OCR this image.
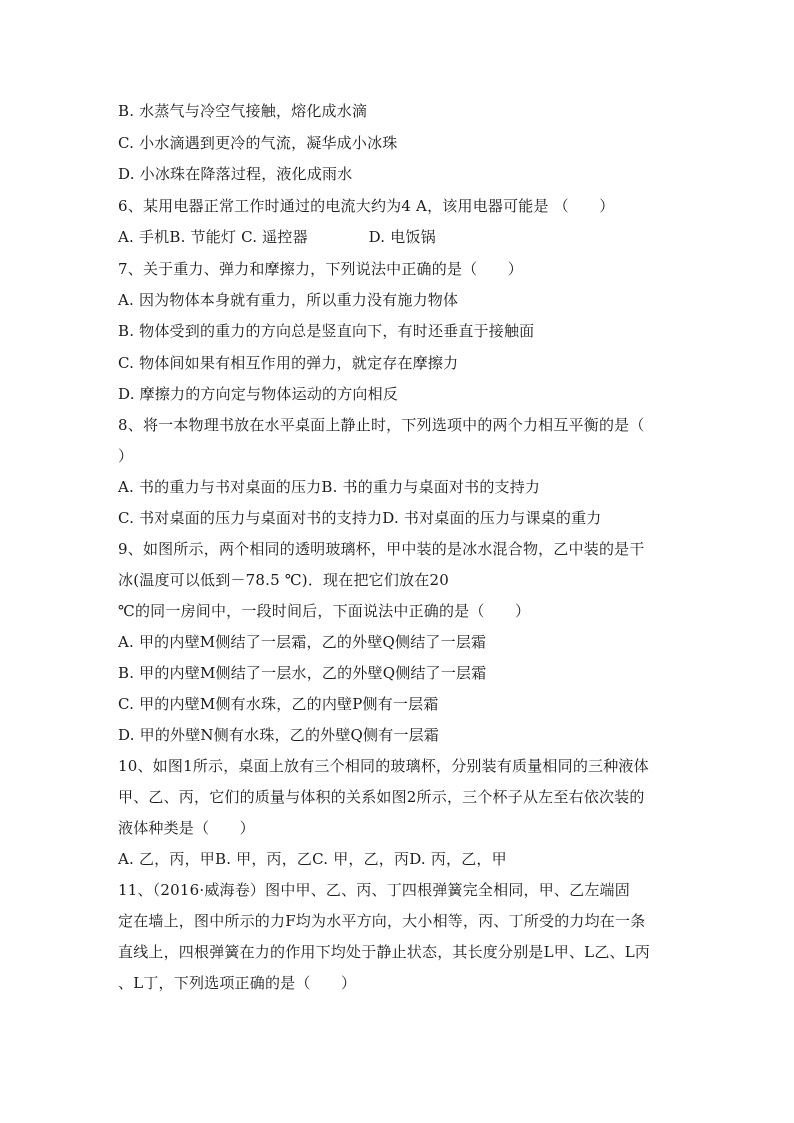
B. 水蒸气与冷空气接触，熔化成水滴
C. 小水滴遇到更冷的气流，凝华成小冰珠
D. 小冰珠在降落过程，液化成雨水
6、某用电器正常工作时通过的电流大约为4 A，该用电器可能是 （　　）
A. 手机B. 节能灯 C. 遥控器　　　　D. 电饭锅
7、关于重力、弹力和摩擦力，下列说法中正确的是（　　）
A. 因为物体本身就有重力，所以重力没有施力物体
B. 物体受到的重力的方向总是竖直向下，有时还垂直于接触面
C. 物体间如果有相互作用的弹力，就定存在摩擦力
D. 摩擦力的方向定与物体运动的方向相反
8、将一本物理书放在水平桌面上静止时，下列选项中的两个力相互平衡的是（
）
A. 书的重力与书对桌面的压力B. 书的重力与桌面对书的支持力
C. 书对桌面的压力与桌面对书的支持力D. 书对桌面的压力与课桌的重力
9、如图所示，两个相同的透明玻璃杯，甲中装的是冰水混合物，乙中装的是干
冰(温度可以低到－78.5 ℃)．现在把它们放在20
℃的同一房间中，一段时间后，下面说法中正确的是（　　）
A. 甲的内壁M侧结了一层霜，乙的外壁Q侧结了一层霜
B. 甲的内壁M侧结了一层水，乙的外壁Q侧结了一层霜
C. 甲的内壁M侧有水珠，乙的内壁P侧有一层霜
D. 甲的外壁N侧有水珠，乙的外壁Q侧有一层霜
10、如图1所示，桌面上放有三个相同的玻璃杯，分别装有质量相同的三种液体
甲、乙、丙，它们的质量与体积的关系如图2所示，三个杯子从左至右依次装的
液体种类是（　　）
A. 乙，丙，甲B. 甲，丙，乙C. 甲，乙，丙D. 丙，乙，甲
11、（2016·威海卷）图中甲、乙、丙、丁四根弹簧完全相同，甲、乙左端固
定在墙上，图中所示的力F均为水平方向，大小相等，丙、丁所受的力均在一条
直线上，四根弹簧在力的作用下均处于静止状态，其长度分别是L甲、L乙、L丙
、L丁，下列选项正确的是（　　）
